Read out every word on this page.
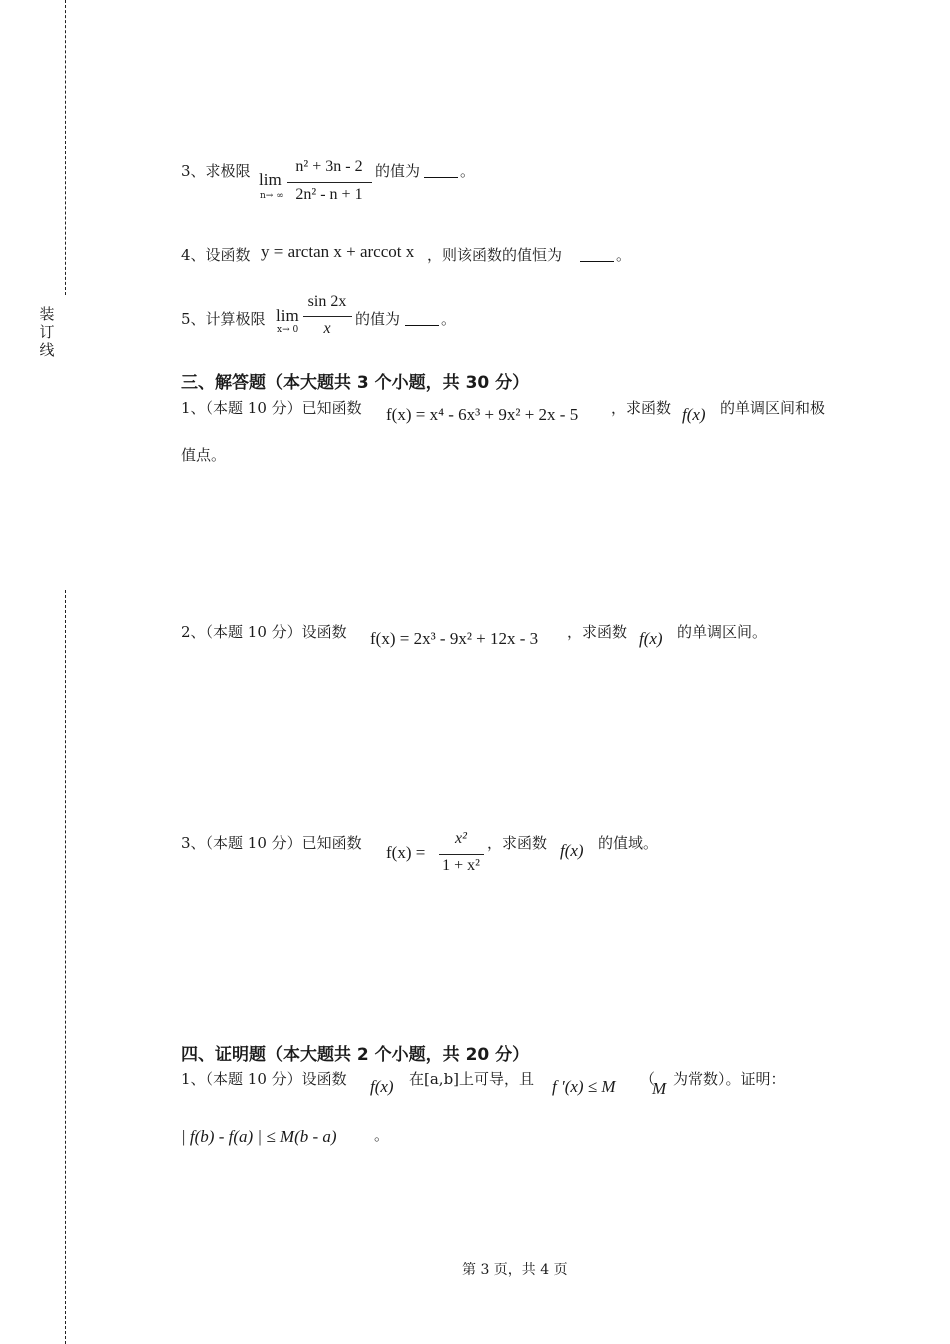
装
订
线
3、求极限 lim
n→ ∞
n² + 3n - 2
2n² - n + 1
的值为	。
4、设函数 y = arctan x + arccot x ，则该函数的值恒为	。
5、计算极限 lim
x→ 0
sin 2x
x
的值为	。
三、解答题（本大题共 3 个小题，共 30 分）
1、（本题 10 分）已知函数 f(x) = x⁴ - 6x³ + 9x² + 2x - 5 ，求函数 f(x) 的单调区间和极
值点。
2、（本题 10 分）设函数 f(x) = 2x³ - 9x² + 12x - 3 ，求函数 f(x) 的单调区间。
3、（本题 10 分）已知函数 f(x) =
x²
1 + x²
，求函数 f(x) 的值域。
四、证明题（本大题共 2 个小题，共 20 分）
1、（本题 10 分）设函数 f(x) 在[a,b]上可导，且 f ′(x) ≤ M （
M 为常数）。证明：
| f(b) - f(a) | ≤ M(b - a) 。
第 3 页，共 4 页
